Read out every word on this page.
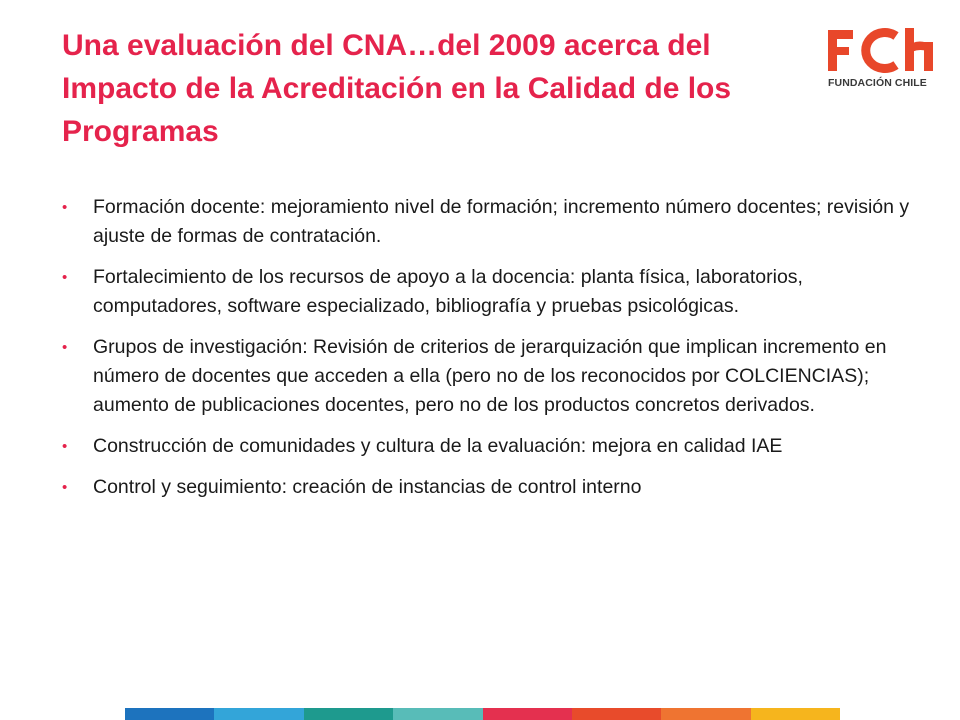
Una evaluación del CNA…del 2009 acerca del
Impacto de la Acreditación en la Calidad de los
Programas
FUNDACIÓN CHILE
• Formación docente: mejoramiento nivel de formación; incremento número docentes; revisión y ajuste de formas de contratación.
• Fortalecimiento de los recursos de apoyo a la docencia: planta física, laboratorios, computadores, software especializado, bibliografía y pruebas psicológicas.
• Grupos de investigación: Revisión de criterios de jerarquización que implican incremento en número de docentes que acceden a ella (pero no de los reconocidos por COLCIENCIAS); aumento de publicaciones docentes, pero no de los productos concretos derivados.
• Construcción de comunidades y cultura de la evaluación: mejora en calidad IAE
• Control y seguimiento: creación de instancias de control interno
